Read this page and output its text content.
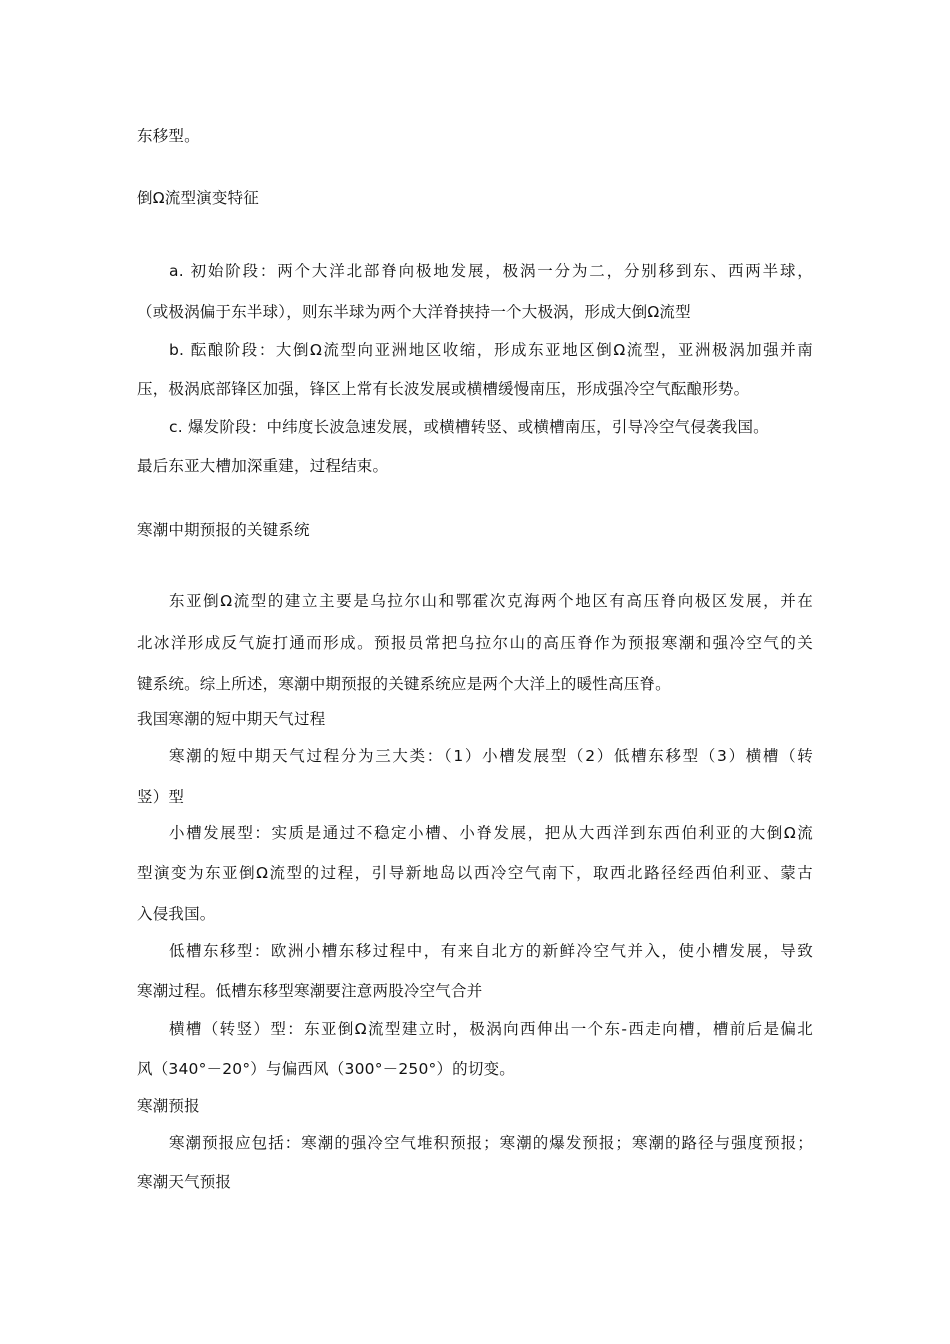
东移型。
倒Ω流型演变特征
a. 初始阶段：两个大洋北部脊向极地发展，极涡一分为二，分别移到东、西两半球，
（或极涡偏于东半球），则东半球为两个大洋脊挟持一个大极涡，形成大倒Ω流型
b. 酝酿阶段：大倒Ω流型向亚洲地区收缩，形成东亚地区倒Ω流型，亚洲极涡加强并南
压，极涡底部锋区加强，锋区上常有长波发展或横槽缓慢南压，形成强冷空气酝酿形势。
c. 爆发阶段：中纬度长波急速发展，或横槽转竖、或横槽南压，引导冷空气侵袭我国。
最后东亚大槽加深重建，过程结束。
寒潮中期预报的关键系统
东亚倒Ω流型的建立主要是乌拉尔山和鄂霍次克海两个地区有高压脊向极区发展，并在
北冰洋形成反气旋打通而形成。预报员常把乌拉尔山的高压脊作为预报寒潮和强冷空气的关
键系统。综上所述，寒潮中期预报的关键系统应是两个大洋上的暖性高压脊。
我国寒潮的短中期天气过程
寒潮的短中期天气过程分为三大类：（1）小槽发展型（2）低槽东移型（3）横槽（转
竖）型
小槽发展型：实质是通过不稳定小槽、小脊发展，把从大西洋到东西伯利亚的大倒Ω流
型演变为东亚倒Ω流型的过程，引导新地岛以西冷空气南下，取西北路径经西伯利亚、蒙古
入侵我国。
低槽东移型：欧洲小槽东移过程中，有来自北方的新鲜冷空气并入，使小槽发展，导致
寒潮过程。低槽东移型寒潮要注意两股冷空气合并
横槽（转竖）型：东亚倒Ω流型建立时，极涡向西伸出一个东-西走向槽，槽前后是偏北
风（340°－20°）与偏西风（300°－250°）的切变。
寒潮预报
寒潮预报应包括：寒潮的强冷空气堆积预报；寒潮的爆发预报；寒潮的路径与强度预报；
寒潮天气预报
